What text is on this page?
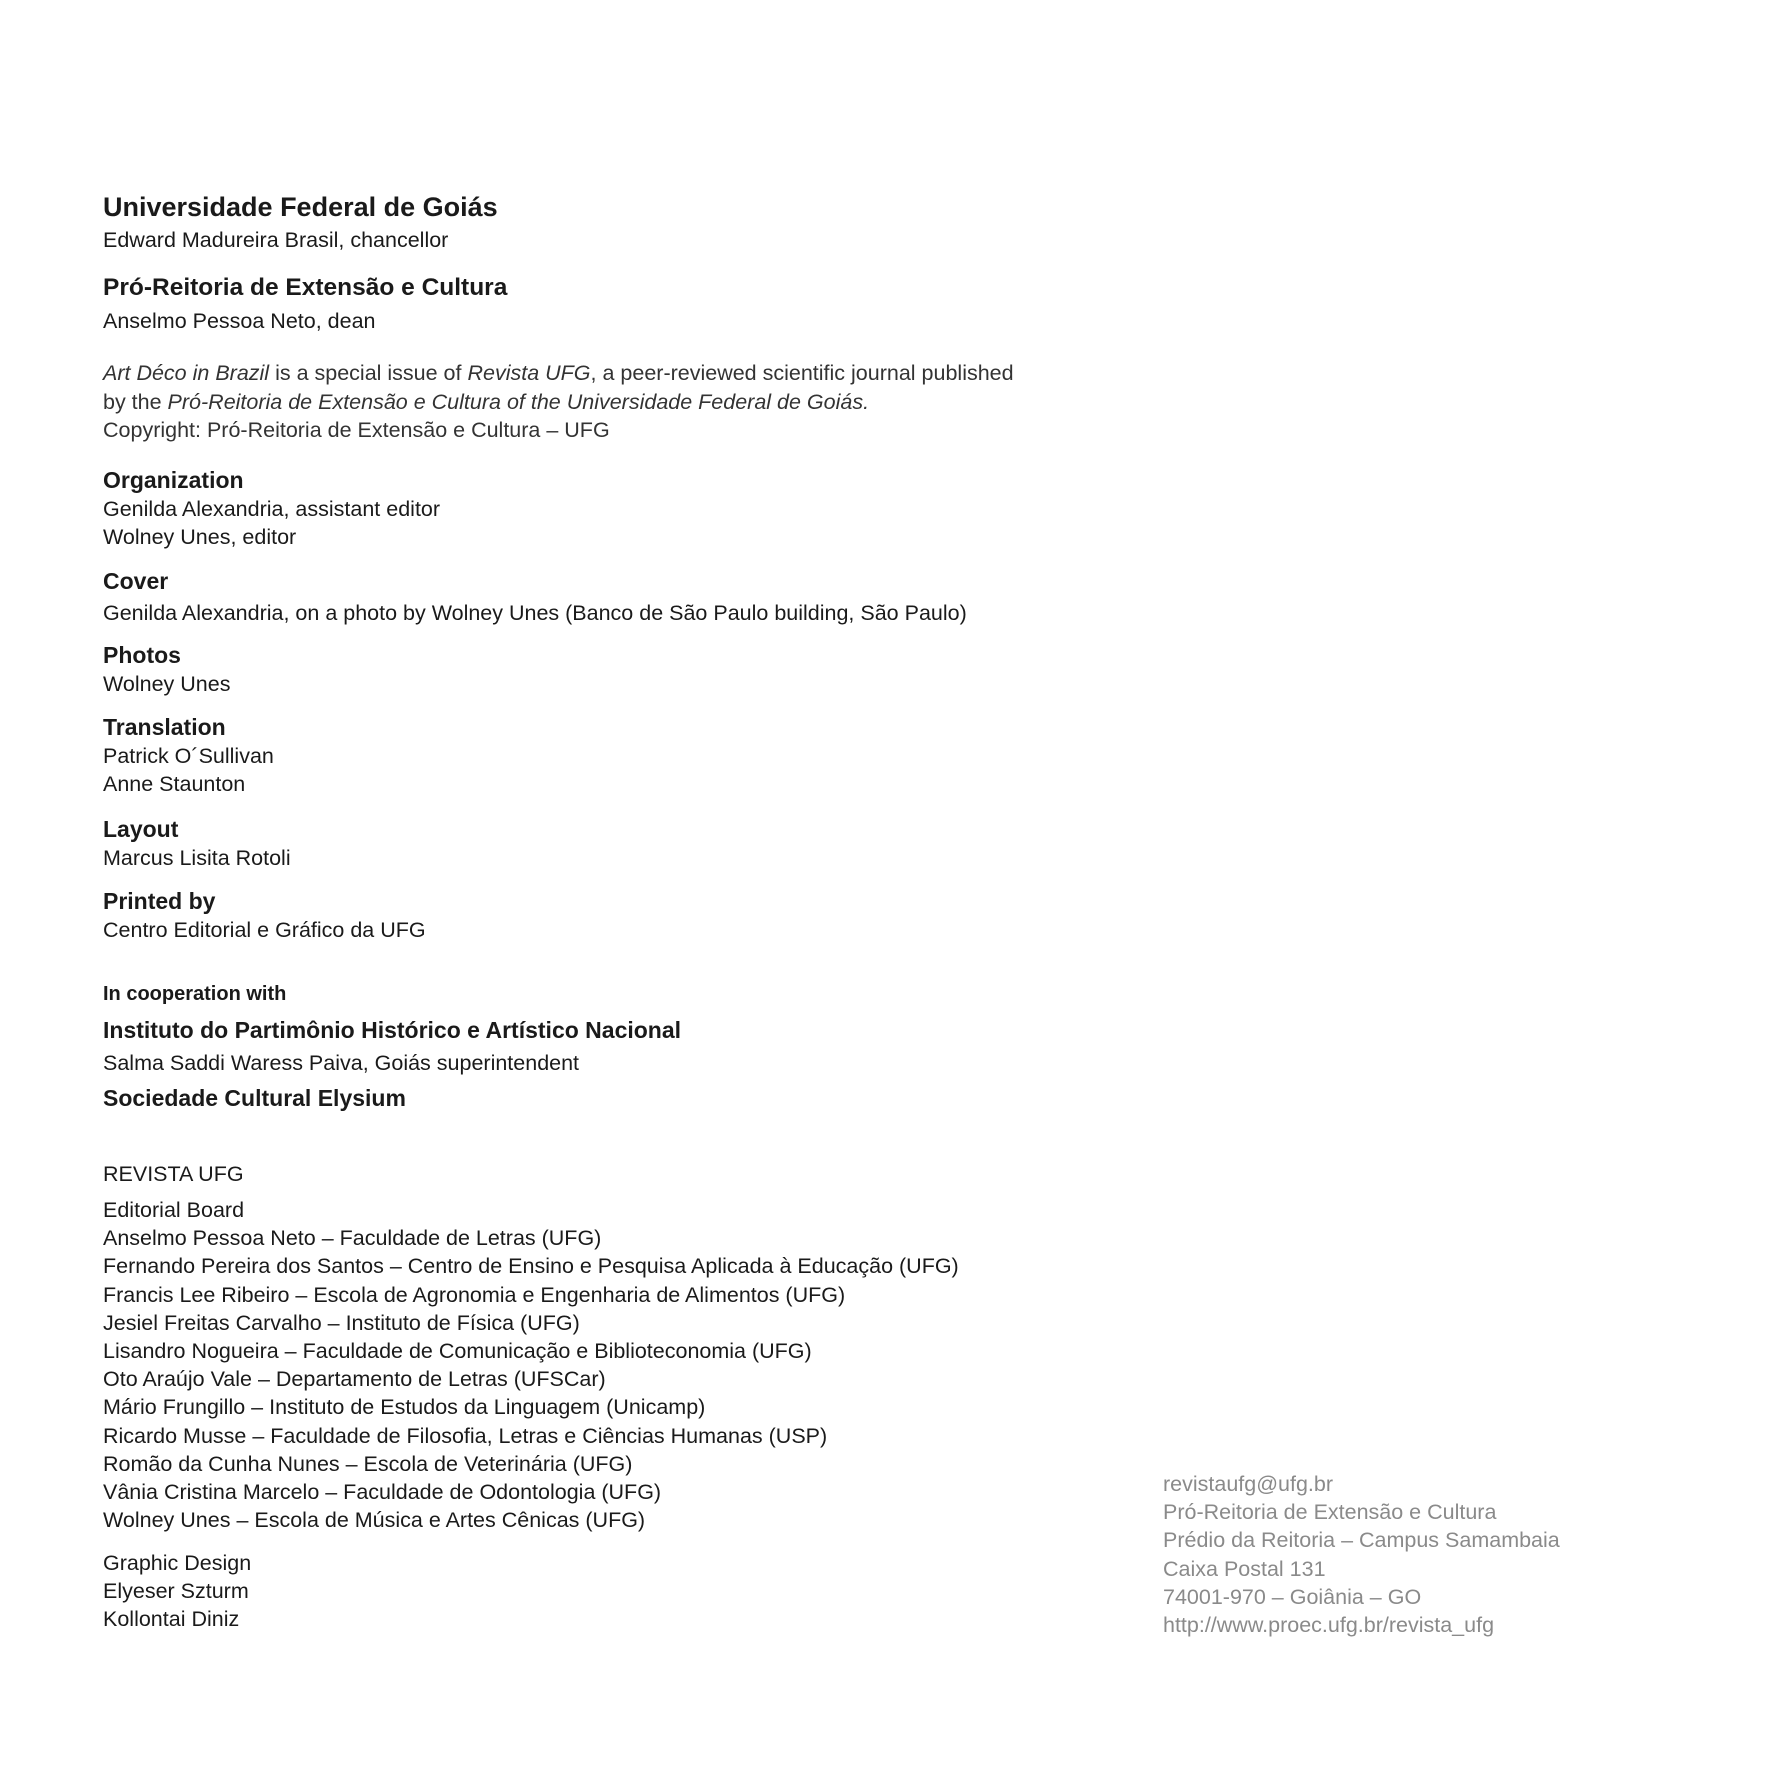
Universidade Federal de Goiás
Edward Madureira Brasil, chancellor
Pró-Reitoria de Extensão e Cultura
Anselmo Pessoa Neto, dean

Art Déco in Brazil is a special issue of Revista UFG, a peer-reviewed scientific journal published

by the Pró-Reitoria de Extensão e Cultura of the Universidade Federal de Goiás.

Copyright: Pró-Reitoria de Extensão e Cultura – UFG

Organization

Genilda Alexandria, assistant editor

Wolney Unes, editor

Cover

Genilda Alexandria, on a photo by Wolney Unes (Banco de São Paulo building, São Paulo)

Photos

Wolney Unes

Translation

Patrick O´Sullivan

Anne Staunton

Layout

Marcus Lisita Rotoli

Printed by

Centro Editorial e Gráfico da UFG

In cooperation with
Instituto do Partimônio Histórico e Artístico Nacional
Salma Saddi Waress Paiva, Goiás superintendent
Sociedade Cultural Elysium
REVISTA UFG

Editorial Board

Anselmo Pessoa Neto – Faculdade de Letras (UFG)

Fernando Pereira dos Santos – Centro de Ensino e Pesquisa Aplicada à Educação (UFG)

Francis Lee Ribeiro – Escola de Agronomia e Engenharia de Alimentos (UFG)

Jesiel Freitas Carvalho – Instituto de Física (UFG)

Lisandro Nogueira – Faculdade de Comunicação e Biblioteconomia (UFG)

Oto Araújo Vale – Departamento de Letras (UFSCar)

Mário Frungillo – Instituto de Estudos da Linguagem (Unicamp)

Ricardo Musse – Faculdade de Filosofia, Letras e Ciências Humanas (USP)

Romão da Cunha Nunes – Escola de Veterinária (UFG)

Vânia Cristina Marcelo – Faculdade de Odontologia (UFG)

Wolney Unes – Escola de Música e Artes Cênicas (UFG)

Graphic Design

Elyeser Szturm

Kollontai Diniz

revistaufg@ufg.br

Pró-Reitoria de Extensão e Cultura

Prédio da Reitoria – Campus Samambaia

Caixa Postal 131

74001-970 – Goiânia – GO

http://www.proec.ufg.br/revista_ufg
